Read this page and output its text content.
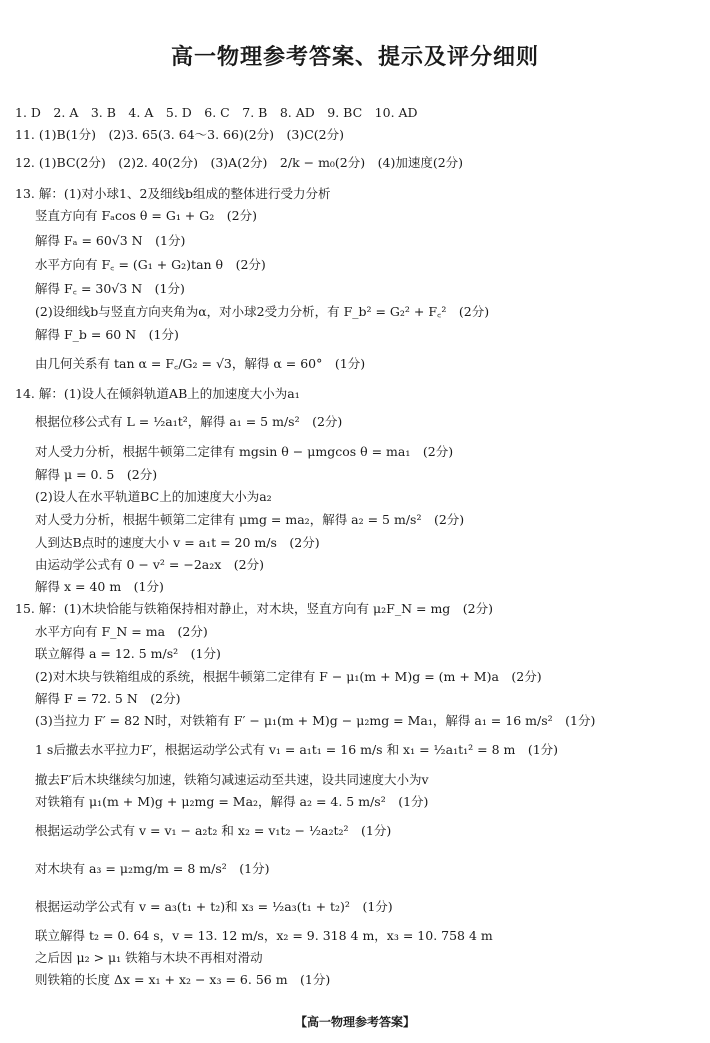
高一物理参考答案、提示及评分细则
1. D　2. A　3. B　4. A　5. D　6. C　7. B　8. AD　9. BC　10. AD
11. (1)B(1分)　(2)3. 65(3. 64～3. 66)(2分)　(3)C(2分)
12. (1)BC(2分)　(2)2. 40(2分)　(3)A(2分)　2/k − m₀(2分)　(4)加速度(2分)
13. 解：(1)对小球1、2及细线b组成的整体进行受力分析
竖直方向有 Fₐcos θ = G₁ + G₂　(2分)
解得 Fₐ = 60√3 N　(1分)
水平方向有 F꜀ = (G₁ + G₂)tan θ　(2分)
解得 F꜀ = 30√3 N　(1分)
(2)设细线b与竖直方向夹角为α，对小球2受力分析，有 F_b² = G₂² + F꜀²　(2分)
解得 F_b = 60 N　(1分)
由几何关系有 tan α = F꜀/G₂ = √3，解得 α = 60°　(1分)
14. 解：(1)设人在倾斜轨道AB上的加速度大小为a₁
根据位移公式有 L = ½a₁t²，解得 a₁ = 5 m/s²　(2分)
对人受力分析，根据牛顿第二定律有 mgsin θ − μmgcos θ = ma₁　(2分)
解得 μ = 0. 5　(2分)
(2)设人在水平轨道BC上的加速度大小为a₂
对人受力分析，根据牛顿第二定律有 μmg = ma₂，解得 a₂ = 5 m/s²　(2分)
人到达B点时的速度大小 v = a₁t = 20 m/s　(2分)
由运动学公式有 0 − v² = −2a₂x　(2分)
解得 x = 40 m　(1分)
15. 解：(1)木块恰能与铁箱保持相对静止，对木块，竖直方向有 μ₂F_N = mg　(2分)
水平方向有 F_N = ma　(2分)
联立解得 a = 12. 5 m/s²　(1分)
(2)对木块与铁箱组成的系统，根据牛顿第二定律有 F − μ₁(m + M)g = (m + M)a　(2分)
解得 F = 72. 5 N　(2分)
(3)当拉力 F′ = 82 N时，对铁箱有 F′ − μ₁(m + M)g − μ₂mg = Ma₁，解得 a₁ = 16 m/s²　(1分)
1 s后撤去水平拉力F′，根据运动学公式有 v₁ = a₁t₁ = 16 m/s 和 x₁ = ½a₁t₁² = 8 m　(1分)
撤去F′后木块继续匀加速，铁箱匀减速运动至共速，设共同速度大小为v
对铁箱有 μ₁(m + M)g + μ₂mg = Ma₂，解得 a₂ = 4. 5 m/s²　(1分)
根据运动学公式有 v = v₁ − a₂t₂ 和 x₂ = v₁t₂ − ½a₂t₂²　(1分)
对木块有 a₃ = μ₂mg/m = 8 m/s²　(1分)
根据运动学公式有 v = a₃(t₁ + t₂)和 x₃ = ½a₃(t₁ + t₂)²　(1分)
联立解得 t₂ = 0. 64 s，v = 13. 12 m/s，x₂ = 9. 318 4 m，x₃ = 10. 758 4 m
之后因 μ₂ > μ₁ 铁箱与木块不再相对滑动
则铁箱的长度 Δx = x₁ + x₂ − x₃ = 6. 56 m　(1分)
【高一物理参考答案】
